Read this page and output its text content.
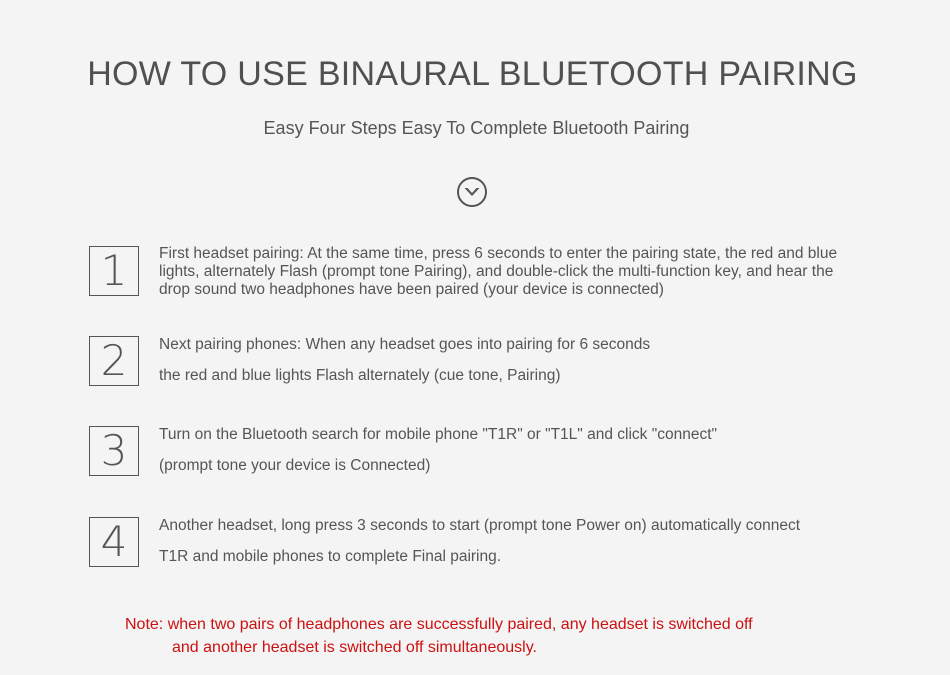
HOW TO USE BINAURAL BLUETOOTH PAIRING

Easy Four Steps Easy To Complete Bluetooth Pairing

1 First headset pairing: At the same time, press 6 seconds to enter the pairing state, the red and blue
lights, alternately Flash (prompt tone Pairing), and double-click the multi-function key, and hear the
drop sound two headphones have been paired (your device is connected)
2 Next pairing phones: When any headset goes into pairing for 6 seconds
the red and blue lights Flash alternately (cue tone, Pairing)
3 Turn on the Bluetooth search for mobile phone "T1R" or "T1L" and click "connect"
(prompt tone your device is Connected)
4 Another headset, long press 3 seconds to start (prompt tone Power on) automatically connect
T1R and mobile phones to complete Final pairing.
Note: when two pairs of headphones are successfully paired, any headset is switched off
and another headset is switched off simultaneously.
